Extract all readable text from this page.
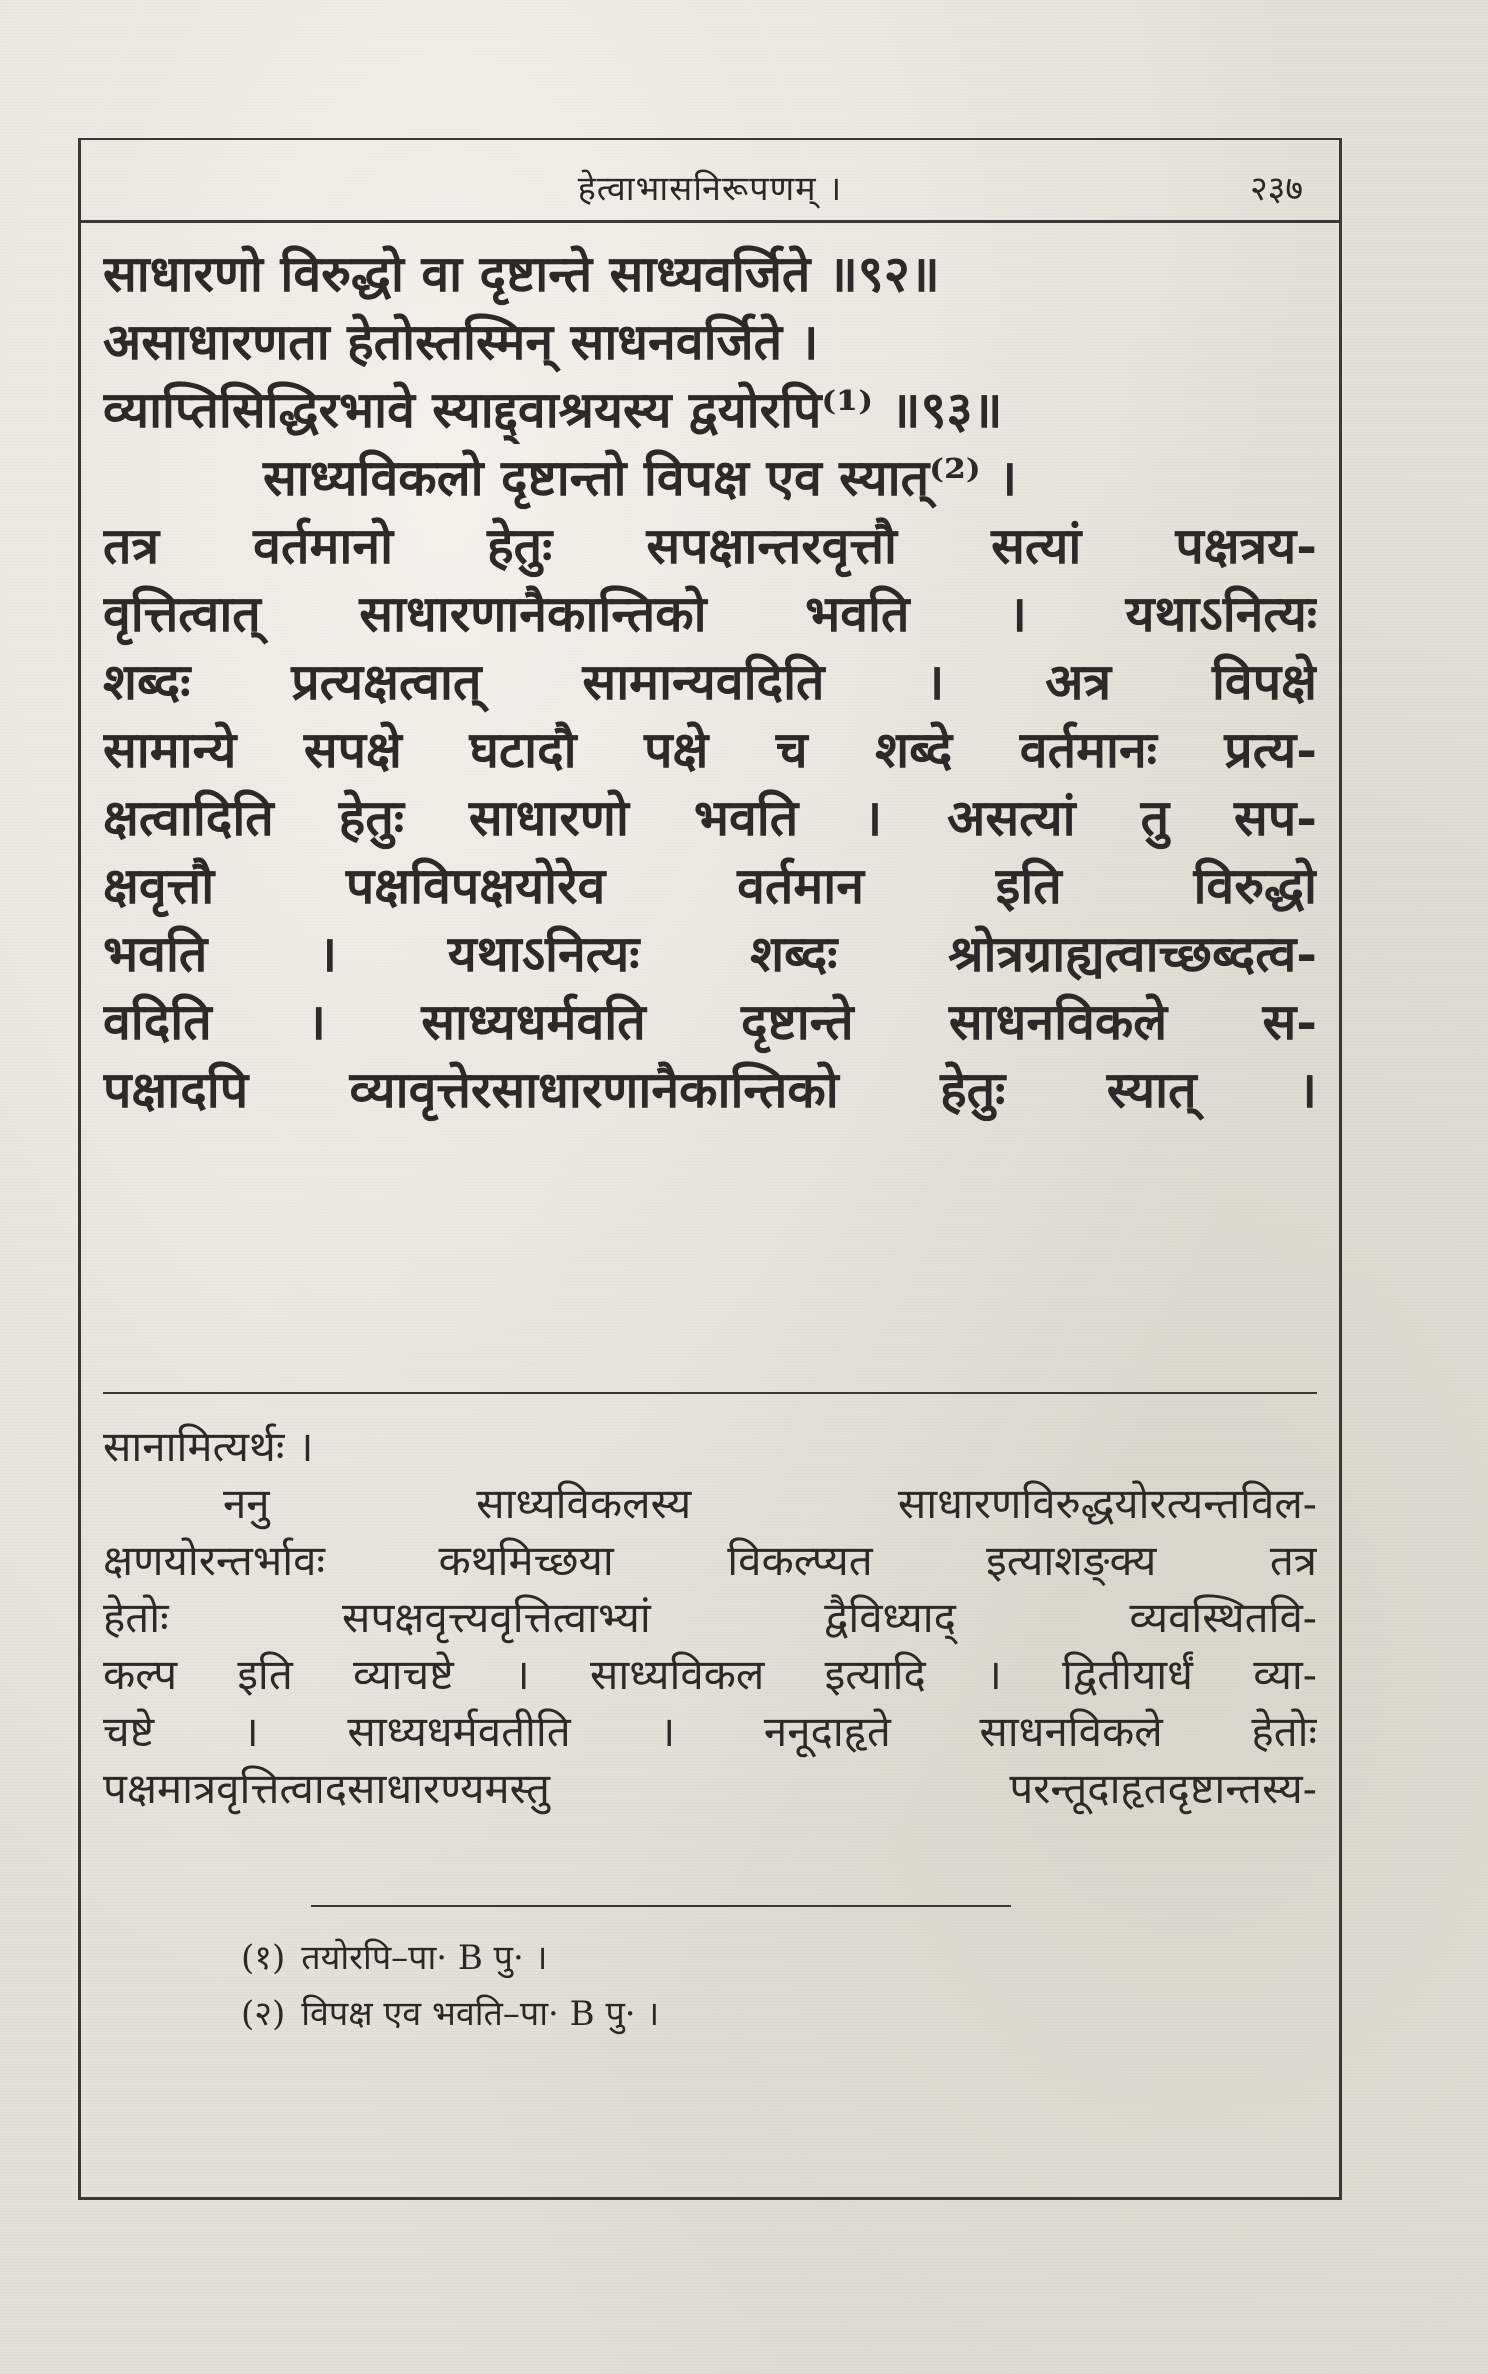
हेत्वाभासनिरूपणम् ।	२३७
साधारणो विरुद्धो वा दृष्टान्ते साध्यवर्जिते ॥९२॥
असाधारणता हेतोस्तस्मिन् साधनवर्जिते ।
व्याप्तिसिद्धिरभावे स्याद्द्वाश्रयस्य द्वयोरपि⁽¹⁾ ॥९३॥
साध्यविकलो दृष्टान्तो विपक्ष एव स्यात्⁽²⁾ ।
तत्र वर्तमानो हेतुः सपक्षान्तरवृत्तौ सत्यां पक्षत्रय-
वृत्तित्वात् साधारणानैकान्तिको भवति । यथाऽनित्यः
शब्दः प्रत्यक्षत्वात् सामान्यवदिति । अत्र विपक्षे
सामान्ये सपक्षे घटादौ पक्षे च शब्दे वर्तमानः प्रत्य-
क्षत्वादिति हेतुः साधारणो भवति । असत्यां तु सप-
क्षवृत्तौ पक्षविपक्षयोरेव वर्तमान इति विरुद्धो
भवति । यथाऽनित्यः शब्दः श्रोत्रग्राह्यत्वाच्छब्दत्व-
वदिति । साध्यधर्मवति दृष्टान्ते साधनविकले स-
पक्षादपि व्यावृत्तेरसाधारणानैकान्तिको हेतुः स्यात् ।
सानामित्यर्थः ।
ननु साध्यविकलस्य साधारणविरुद्धयोरत्यन्तविल-
क्षणयोरन्तर्भावः कथमिच्छया विकल्प्यत इत्याशङ्क्य तत्र
हेतोः सपक्षवृत्त्यवृत्तित्वाभ्यां द्वैविध्याद् व्यवस्थितवि-
कल्प इति व्याचष्टे । साध्यविकल इत्यादि । द्वितीयार्धं व्या-
चष्टे । साध्यधर्मवतीति । ननूदाहृते साधनविकले हेतोः
पक्षमात्रवृत्तित्वादसाधारण्यमस्तु परन्तूदाहृतदृष्टान्तस्य-
(१) तयोरपि–पा· B पु· ।
(२) विपक्ष एव भवति–पा· B पु· ।
